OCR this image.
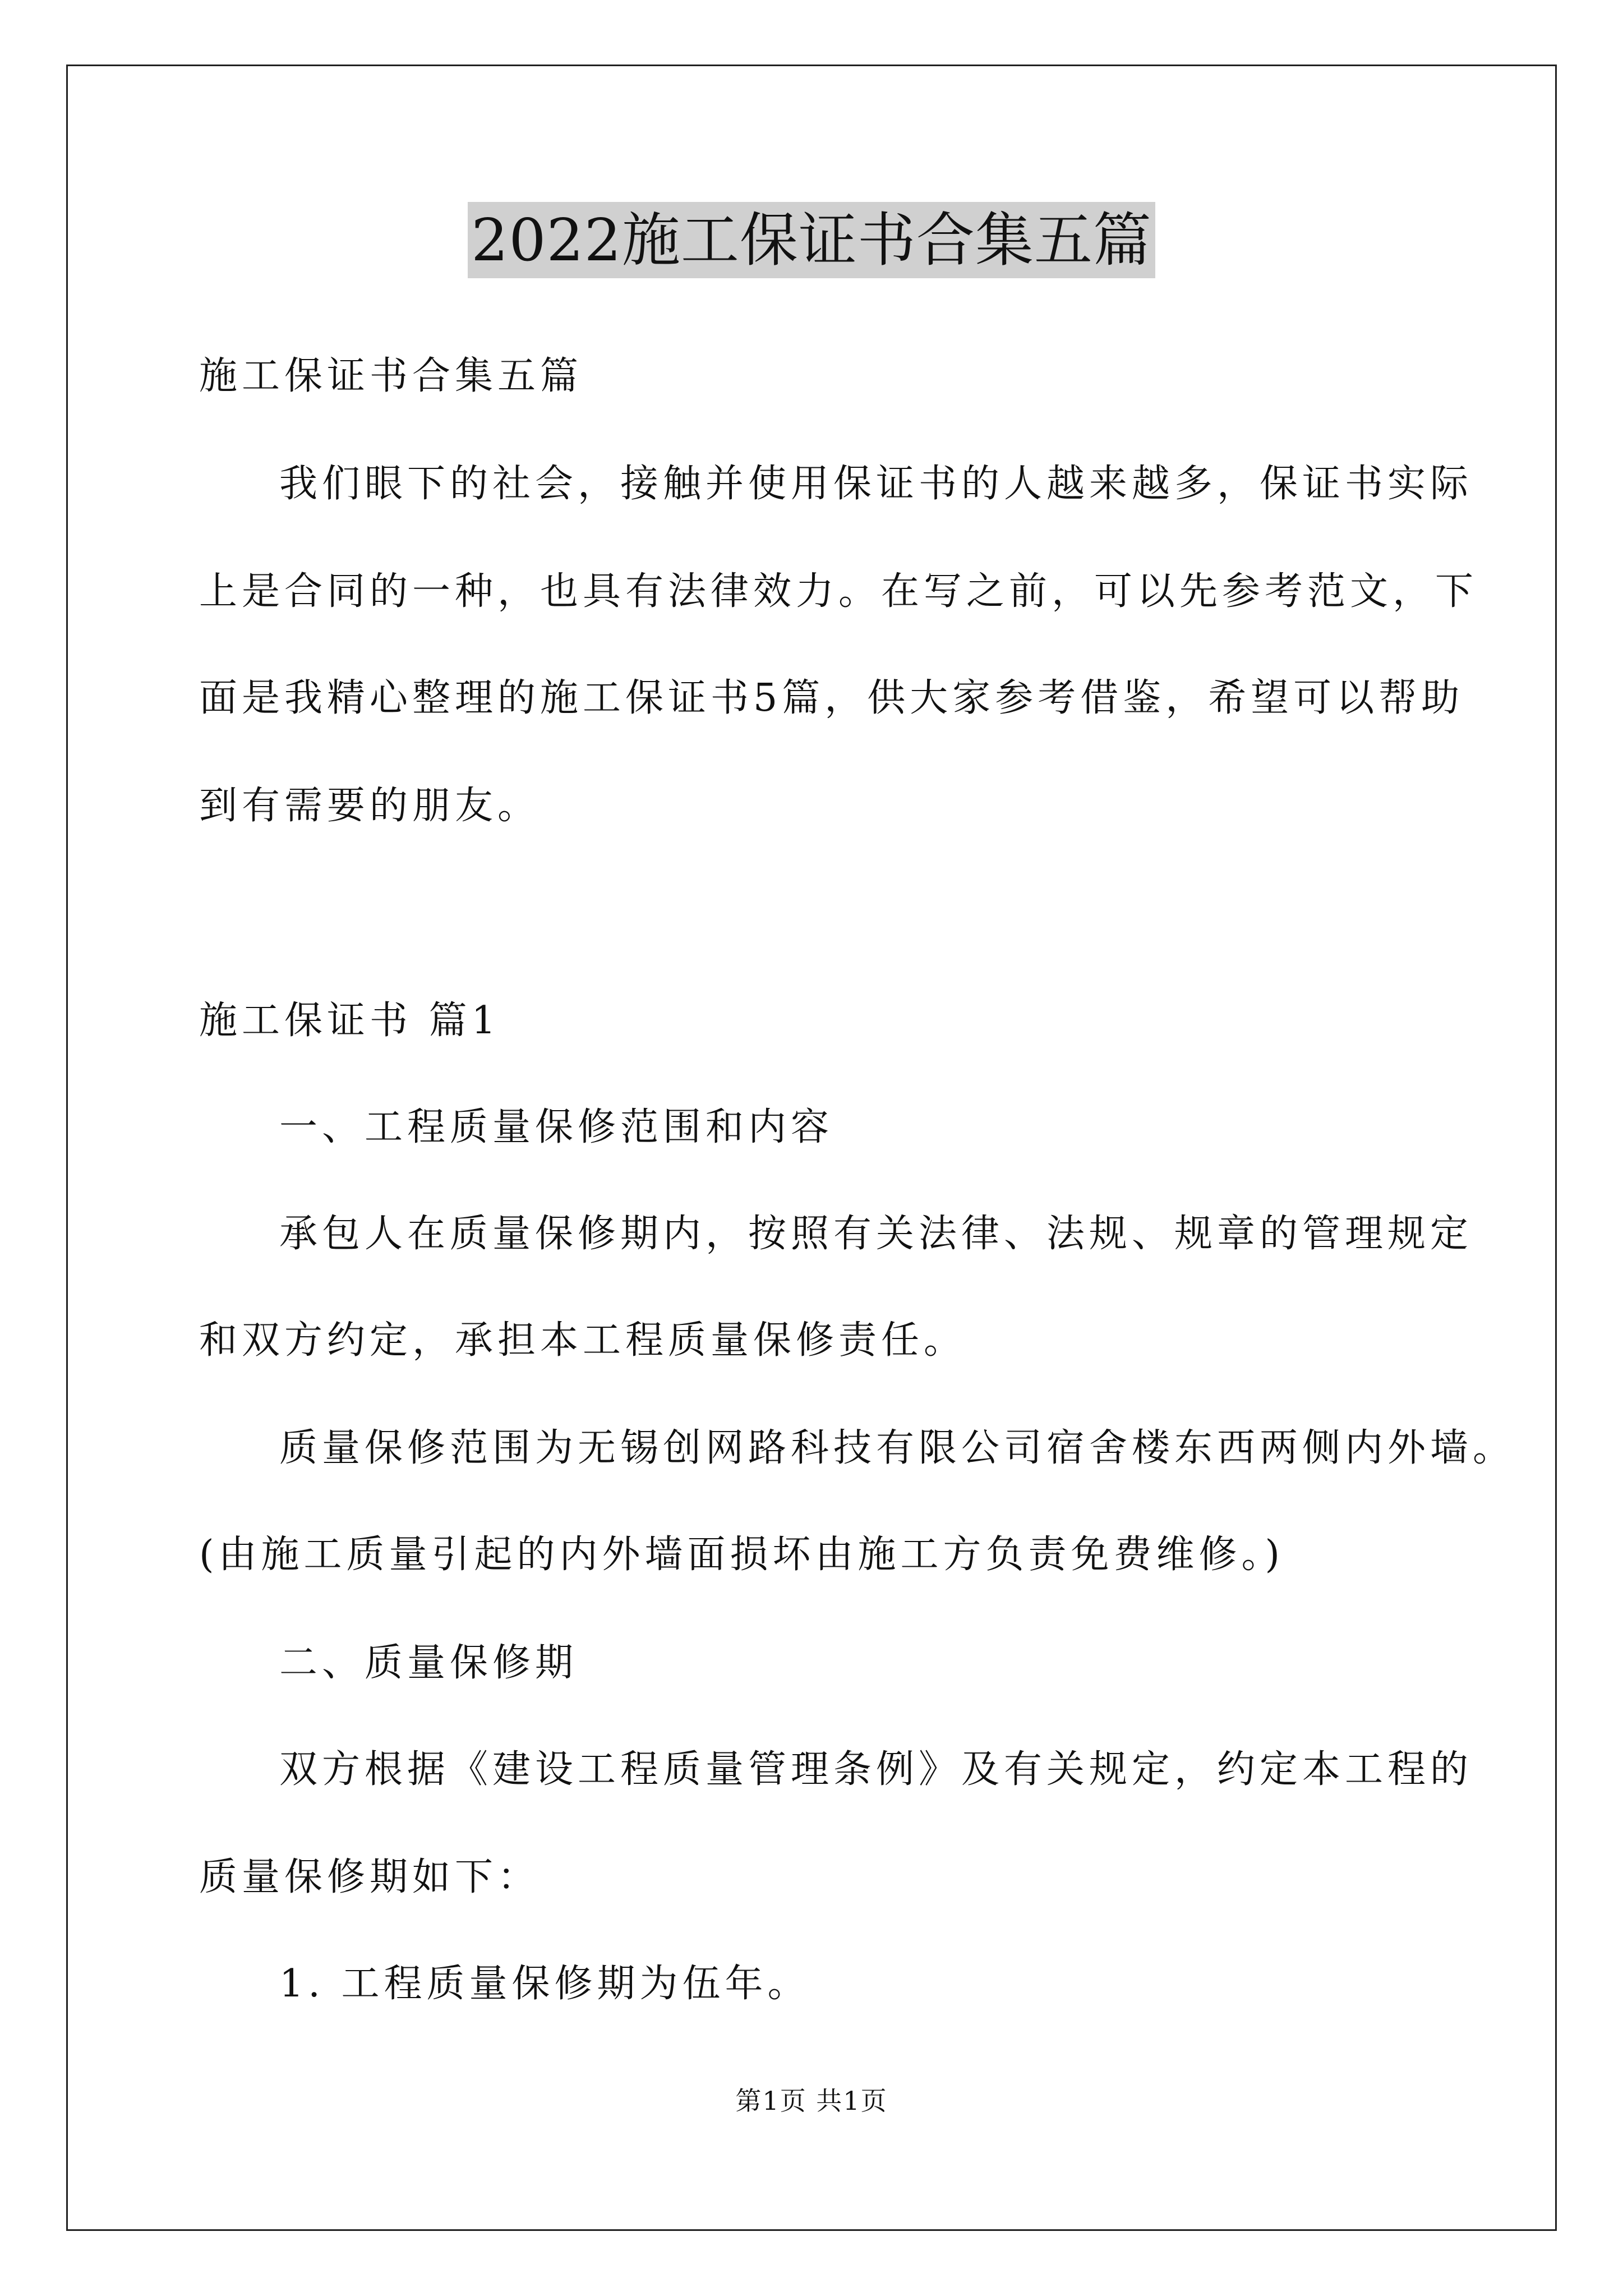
2022施工保证书合集五篇
施工保证书合集五篇
我们眼下的社会，接触并使用保证书的人越来越多，保证书实际
上是合同的一种，也具有法律效力。在写之前，可以先参考范文，下
面是我精心整理的施工保证书5篇，供大家参考借鉴，希望可以帮助
到有需要的朋友。
施工保证书 篇1
一、工程质量保修范围和内容
承包人在质量保修期内，按照有关法律、法规、规章的管理规定
和双方约定，承担本工程质量保修责任。
质量保修范围为无锡创网路科技有限公司宿舍楼东西两侧内外墙。
(由施工质量引起的内外墙面损坏由施工方负责免费维修。)
二、质量保修期
双方根据《建设工程质量管理条例》及有关规定，约定本工程的
质量保修期如下：
1. 工程质量保修期为伍年。
第1页 共1页
